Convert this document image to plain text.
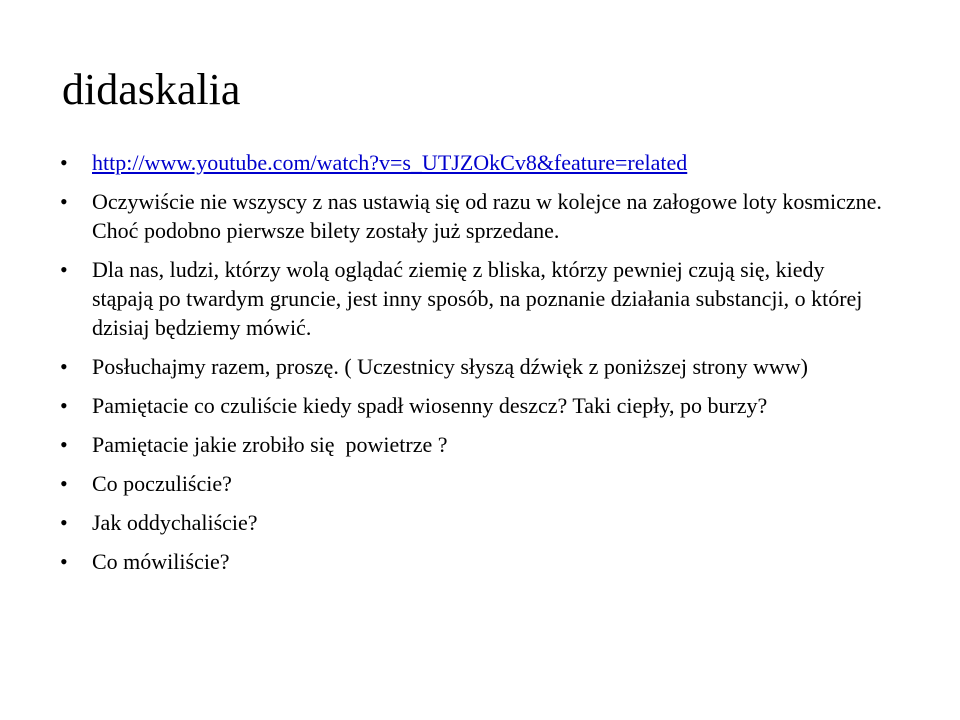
didaskalia
•	http://www.youtube.com/watch?v=s_UTJZOkCv8&feature=related
•	Oczywiście nie wszyscy z nas ustawią się od razu w kolejce na załogowe loty kosmiczne. Choć podobno pierwsze bilety zostały już sprzedane.
•	Dla nas, ludzi, którzy wolą oglądać ziemię z bliska, którzy pewniej czują się, kiedy stąpają po twardym gruncie, jest inny sposób, na poznanie działania substancji, o której dzisiaj będziemy mówić.
•	Posłuchajmy razem, proszę. ( Uczestnicy słyszą dźwięk z poniższej strony www)
•	Pamiętacie co czuliście kiedy spadł wiosenny deszcz? Taki ciepły, po burzy?
•	Pamiętacie jakie zrobiło się  powietrze ?
•	Co poczuliście?
•	Jak oddychaliście?
•	Co mówiliście?
